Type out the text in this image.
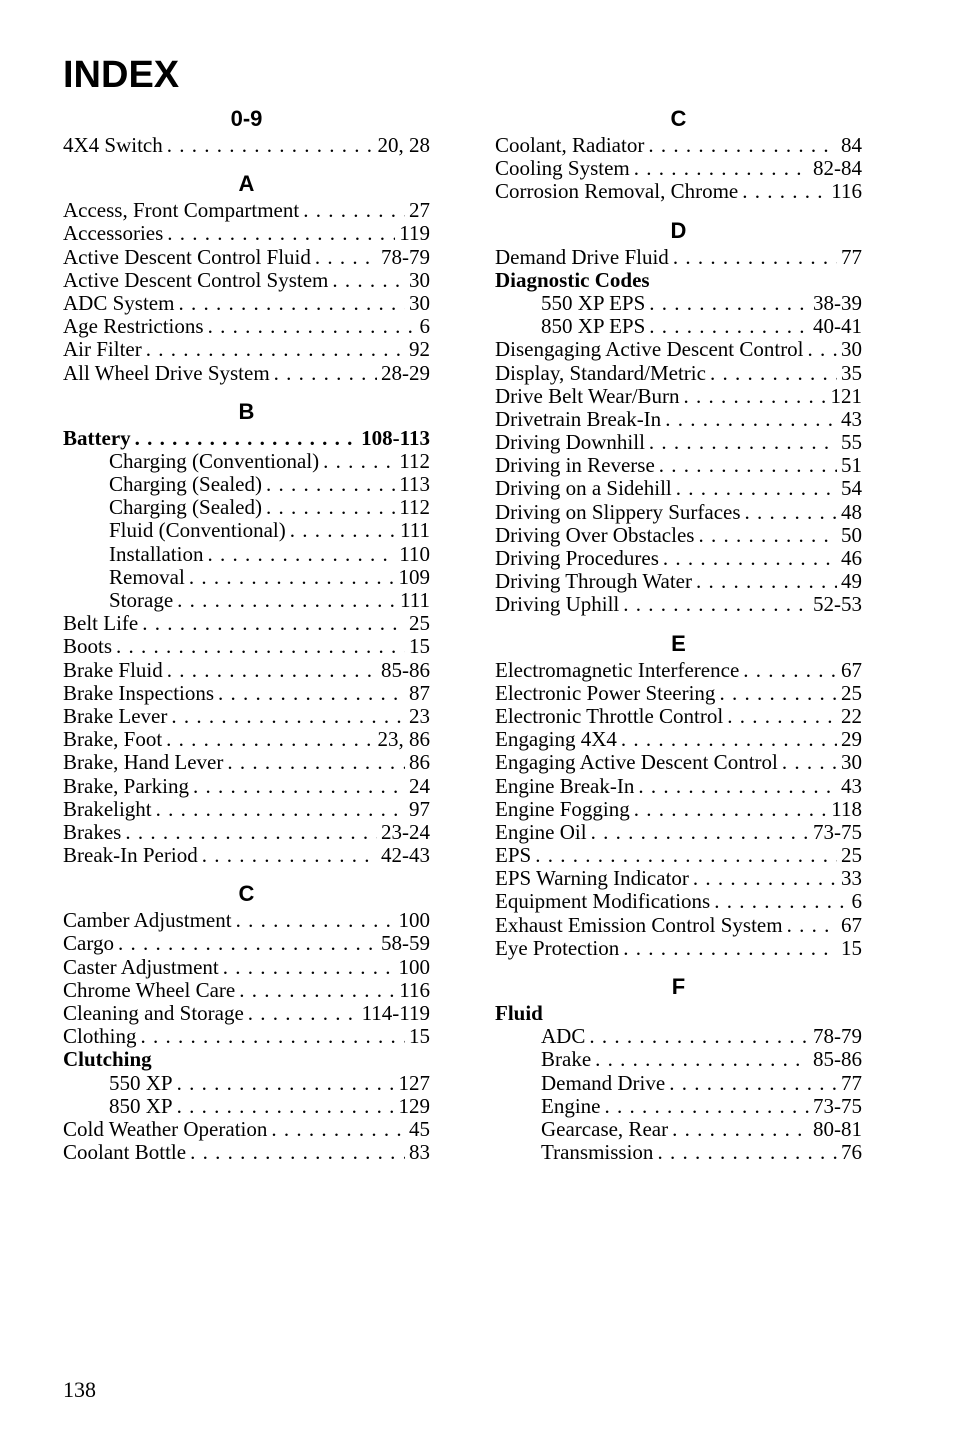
INDEX
0-9
4X4 Switch . . .	20, 28
A
Access, Front Compartment . . .	27
Accessories . . .	119
Active Descent Control Fluid . . .	78-79
Active Descent Control System . . .	30
ADC System . . .	30
Age Restrictions . . .	6
Air Filter . . .	92
All Wheel Drive System . . .	28-29
B
Battery . . .	108-113
Charging (Conventional) . . .	112
Charging (Sealed) . . .	113
Charging (Sealed) . . .	112
Fluid (Conventional) . . .	111
Installation . . .	110
Removal . . .	109
Storage . . .	111
Belt Life . . .	25
Boots . . .	15
Brake Fluid . . .	85-86
Brake Inspections . . .	87
Brake Lever . . .	23
Brake, Foot . . .	23, 86
Brake, Hand Lever . . .	86
Brake, Parking . . .	24
Brakelight . . .	97
Brakes . . .	23-24
Break-In Period . . .	42-43
C
Camber Adjustment . . .	100
Cargo . . .	58-59
Caster Adjustment . . .	100
Chrome Wheel Care . . .	116
Cleaning and Storage . . .	114-119
Clothing . . .	15
Clutching
550 XP . . .	127
850 XP . . .	129
Cold Weather Operation . . .	45
Coolant Bottle . . .	83
C
Coolant, Radiator . . .	84
Cooling System . . .	82-84
Corrosion Removal, Chrome . . .	116
D
Demand Drive Fluid . . .	77
Diagnostic Codes
550 XP EPS . . .	38-39
850 XP EPS . . .	40-41
Disengaging Active Descent Control . . . 30
Display, Standard/Metric . . .	35
Drive Belt Wear/Burn . . .	121
Drivetrain Break-In . . .	43
Driving Downhill . . .	55
Driving in Reverse . . .	51
Driving on a Sidehill . . .	54
Driving on Slippery Surfaces . . .	48
Driving Over Obstacles . . .	50
Driving Procedures . . .	46
Driving Through Water . . .	49
Driving Uphill . . .	52-53
E
Electromagnetic Interference . . .	67
Electronic Power Steering . . .	25
Electronic Throttle Control . . .	22
Engaging 4X4 . . .	29
Engaging Active Descent Control . . .	30
Engine Break-In . . .	43
Engine Fogging . . .	118
Engine Oil . . .	73-75
EPS . . .	25
EPS Warning Indicator . . .	33
Equipment Modifications . . .	6
Exhaust Emission Control System . . .	67
Eye Protection . . .	15
F
Fluid
ADC . . .	78-79
Brake . . .	85-86
Demand Drive . . .	77
Engine . . .	73-75
Gearcase, Rear . . .	80-81
Transmission . . .	76
138
